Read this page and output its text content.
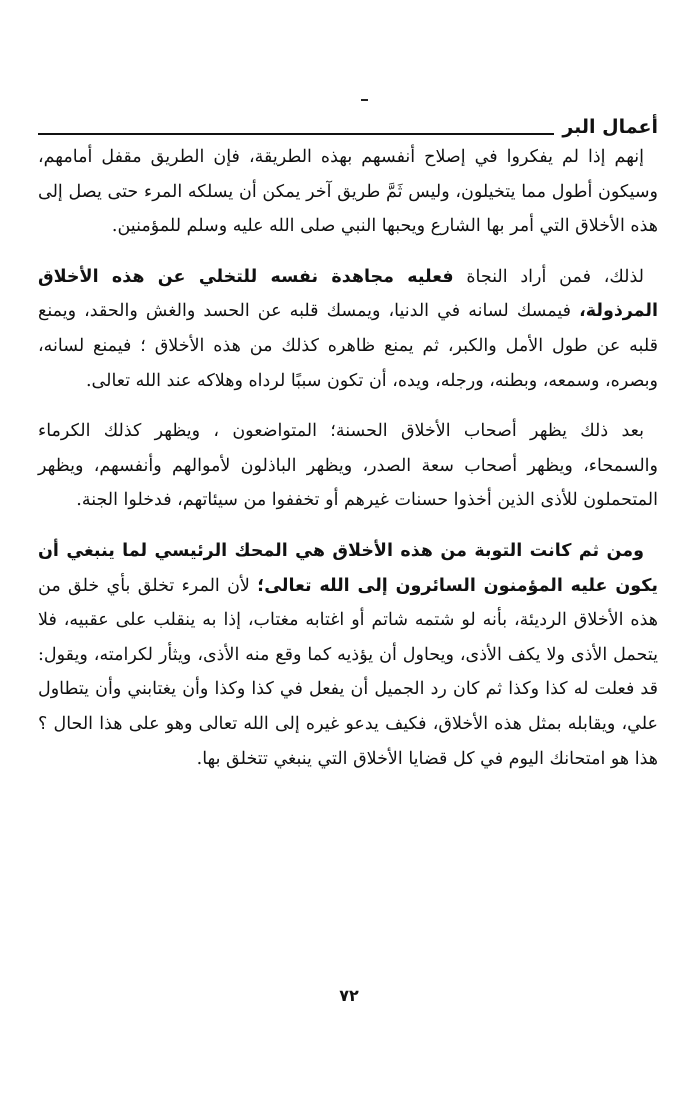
أعمال البر

إنهم إذا لم يفكروا في إصلاح أنفسهم بهذه الطريقة، فإن الطريق مقفل أمامهم، وسيكون أطول مما يتخيلون، وليس ثَمَّ طريق آخر يمكن أن يسلكه المرء حتى يصل إلى هذه الأخلاق التي أمر بها الشارع ويحبها النبي صلى الله عليه وسلم للمؤمنين.

لذلك، فمن أراد النجاة فعليه مجاهدة نفسه للتخلي عن هذه الأخلاق المرذولة، فيمسك لسانه في الدنيا، ويمسك قلبه عن الحسد والغش والحقد، ويمنع قلبه عن طول الأمل والكبر، ثم يمنع ظاهره كذلك من هذه الأخلاق ؛ فيمنع لسانه، وبصره، وسمعه، وبطنه، ورجله، ويده، أن تكون سببًا لرداه وهلاكه عند الله تعالى.

بعد ذلك يظهر أصحاب الأخلاق الحسنة؛ المتواضعون ، ويظهر كذلك الكرماء والسمحاء، ويظهر أصحاب سعة الصدر، ويظهر الباذلون لأموالهم وأنفسهم، ويظهر المتحملون للأذى الذين أخذوا حسنات غيرهم أو تخففوا من سيئاتهم، فدخلوا الجنة.

ومن ثم كانت التوبة من هذه الأخلاق هي المحك الرئيسي لما ينبغي أن يكون عليه المؤمنون السائرون إلى الله تعالى؛ لأن المرء تخلق بأي خلق من هذه الأخلاق الرديئة، بأنه لو شتمه شاتم أو اغتابه مغتاب، إذا به ينقلب على عقبيه، فلا يتحمل الأذى ولا يكف الأذى، ويحاول أن يؤذيه كما وقع منه الأذى، ويثأر لكرامته، ويقول: قد فعلت له كذا وكذا ثم كان رد الجميل أن يفعل في كذا وكذا وأن يغتابني وأن يتطاول علي، ويقابله بمثل هذه الأخلاق، فكيف يدعو غيره إلى الله تعالى وهو على هذا الحال ؟ هذا هو امتحانك اليوم في كل قضايا الأخلاق التي ينبغي تتخلق بها.

٧٢
